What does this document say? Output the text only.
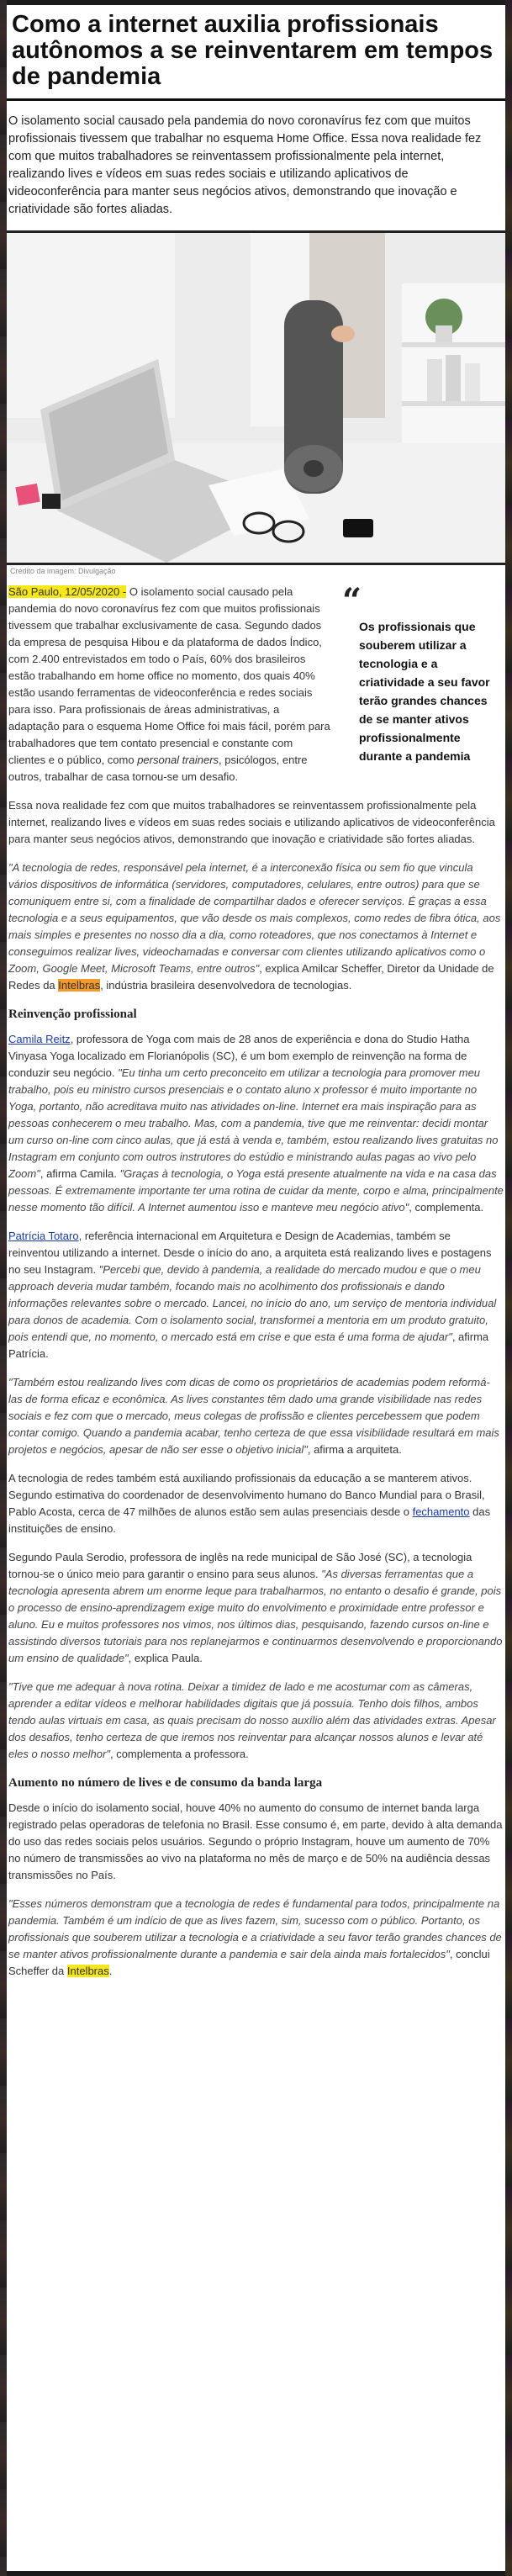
Como a internet auxilia profissionais autônomos a se reinventarem em tempos de pandemia

O isolamento social causado pela pandemia do novo coronavírus fez com que muitos profissionais tivessem que trabalhar no esquema Home Office. Essa nova realidade fez com que muitos trabalhadores se reinventassem profissionalmente pela internet, realizando lives e vídeos em suas redes sociais e utilizando aplicativos de videoconferência para manter seus negócios ativos, demonstrando que inovação e criatividade são fortes aliadas.

Crédito da imagem: Divulgação
“
Os profissionais que souberem utilizar a tecnologia e a criatividade a seu favor terão grandes chances de se manter ativos profissionalmente durante a pandemia

São Paulo, 12/05/2020 - O isolamento social causado pela pandemia do novo coronavírus fez com que muitos profissionais tivessem que trabalhar exclusivamente de casa. Segundo dados da empresa de pesquisa Hibou e da plataforma de dados Índico, com 2.400 entrevistados em todo o País, 60% dos brasileiros estão trabalhando em home office no momento, dos quais 40% estão usando ferramentas de videoconferência e redes sociais para isso. Para profissionais de áreas administrativas, a adaptação para o esquema Home Office foi mais fácil, porém para trabalhadores que tem contato presencial e constante com clientes e o público, como personal trainers, psicólogos, entre outros, trabalhar de casa tornou-se um desafio.

Essa nova realidade fez com que muitos trabalhadores se reinventassem profissionalmente pela internet, realizando lives e vídeos em suas redes sociais e utilizando aplicativos de videoconferência para manter seus negócios ativos, demonstrando que inovação e criatividade são fortes aliadas.

"A tecnologia de redes, responsável pela internet, é a interconexão física ou sem fio que vincula vários dispositivos de informática (servidores, computadores, celulares, entre outros) para que se comuniquem entre si, com a finalidade de compartilhar dados e oferecer serviços. É graças a essa tecnologia e a seus equipamentos, que vão desde os mais complexos, como redes de fibra ótica, aos mais simples e presentes no nosso dia a dia, como roteadores, que nos conectamos à Internet e conseguimos realizar lives, videochamadas e conversar com clientes utilizando aplicativos como o Zoom, Google Meet, Microsoft Teams, entre outros", explica Amilcar Scheffer, Diretor da Unidade de Redes da Intelbras, indústria brasileira desenvolvedora de tecnologias.

Reinvenção profissional

Camila Reitz, professora de Yoga com mais de 28 anos de experiência e dona do Studio Hatha Vinyasa Yoga localizado em Florianópolis (SC), é um bom exemplo de reinvenção na forma de conduzir seu negócio. "Eu tinha um certo preconceito em utilizar a tecnologia para promover meu trabalho, pois eu ministro cursos presenciais e o contato aluno x professor é muito importante no Yoga, portanto, não acreditava muito nas atividades on-line. Internet era mais inspiração para as pessoas conhecerem o meu trabalho. Mas, com a pandemia, tive que me reinventar: decidi montar um curso on-line com cinco aulas, que já está à venda e, também, estou realizando lives gratuitas no Instagram em conjunto com outros instrutores do estúdio e ministrando aulas pagas ao vivo pelo Zoom", afirma Camila. "Graças à tecnologia, o Yoga está presente atualmente na vida e na casa das pessoas. É extremamente importante ter uma rotina de cuidar da mente, corpo e alma, principalmente nesse momento tão difícil. A Internet aumentou isso e manteve meu negócio ativo", complementa.

Patrícia Totaro, referência internacional em Arquitetura e Design de Academias, também se reinventou utilizando a internet. Desde o início do ano, a arquiteta está realizando lives e postagens no seu Instagram. "Percebi que, devido à pandemia, a realidade do mercado mudou e que o meu approach deveria mudar também, focando mais no acolhimento dos profissionais e dando informações relevantes sobre o mercado. Lancei, no início do ano, um serviço de mentoria individual para donos de academia. Com o isolamento social, transformei a mentoria em um produto gratuito, pois entendi que, no momento, o mercado está em crise e que esta é uma forma de ajudar", afirma Patrícia.

"Também estou realizando lives com dicas de como os proprietários de academias podem reformá-las de forma eficaz e econômica. As lives constantes têm dado uma grande visibilidade nas redes sociais e fez com que o mercado, meus colegas de profissão e clientes percebessem que podem contar comigo. Quando a pandemia acabar, tenho certeza de que essa visibilidade resultará em mais projetos e negócios, apesar de não ser esse o objetivo inicial", afirma a arquiteta.

A tecnologia de redes também está auxiliando profissionais da educação a se manterem ativos. Segundo estimativa do coordenador de desenvolvimento humano do Banco Mundial para o Brasil, Pablo Acosta, cerca de 47 milhões de alunos estão sem aulas presenciais desde o fechamento das instituições de ensino.

Segundo Paula Serodio, professora de inglês na rede municipal de São José (SC), a tecnologia tornou-se o único meio para garantir o ensino para seus alunos. "As diversas ferramentas que a tecnologia apresenta abrem um enorme leque para trabalharmos, no entanto o desafio é grande, pois o processo de ensino-aprendizagem exige muito do envolvimento e proximidade entre professor e aluno. Eu e muitos professores nos vimos, nos últimos dias, pesquisando, fazendo cursos on-line e assistindo diversos tutoriais para nos replanejarmos e continuarmos desenvolvendo e proporcionando um ensino de qualidade", explica Paula.

"Tive que me adequar à nova rotina. Deixar a timidez de lado e me acostumar com as câmeras, aprender a editar vídeos e melhorar habilidades digitais que já possuía. Tenho dois filhos, ambos tendo aulas virtuais em casa, as quais precisam do nosso auxílio além das atividades extras. Apesar dos desafios, tenho certeza de que iremos nos reinventar para alcançar nossos alunos e levar até eles o nosso melhor", complementa a professora.

Aumento no número de lives e de consumo da banda larga

Desde o início do isolamento social, houve 40% no aumento do consumo de internet banda larga registrado pelas operadoras de telefonia no Brasil. Esse consumo é, em parte, devido à alta demanda do uso das redes sociais pelos usuários. Segundo o próprio Instagram, houve um aumento de 70% no número de transmissões ao vivo na plataforma no mês de março e de 50% na audiência dessas transmissões no País.

"Esses números demonstram que a tecnologia de redes é fundamental para todos, principalmente na pandemia. Também é um indício de que as lives fazem, sim, sucesso com o público. Portanto, os profissionais que souberem utilizar a tecnologia e a criatividade a seu favor terão grandes chances de se manter ativos profissionalmente durante a pandemia e sair dela ainda mais fortalecidos", conclui Scheffer da Intelbras.
